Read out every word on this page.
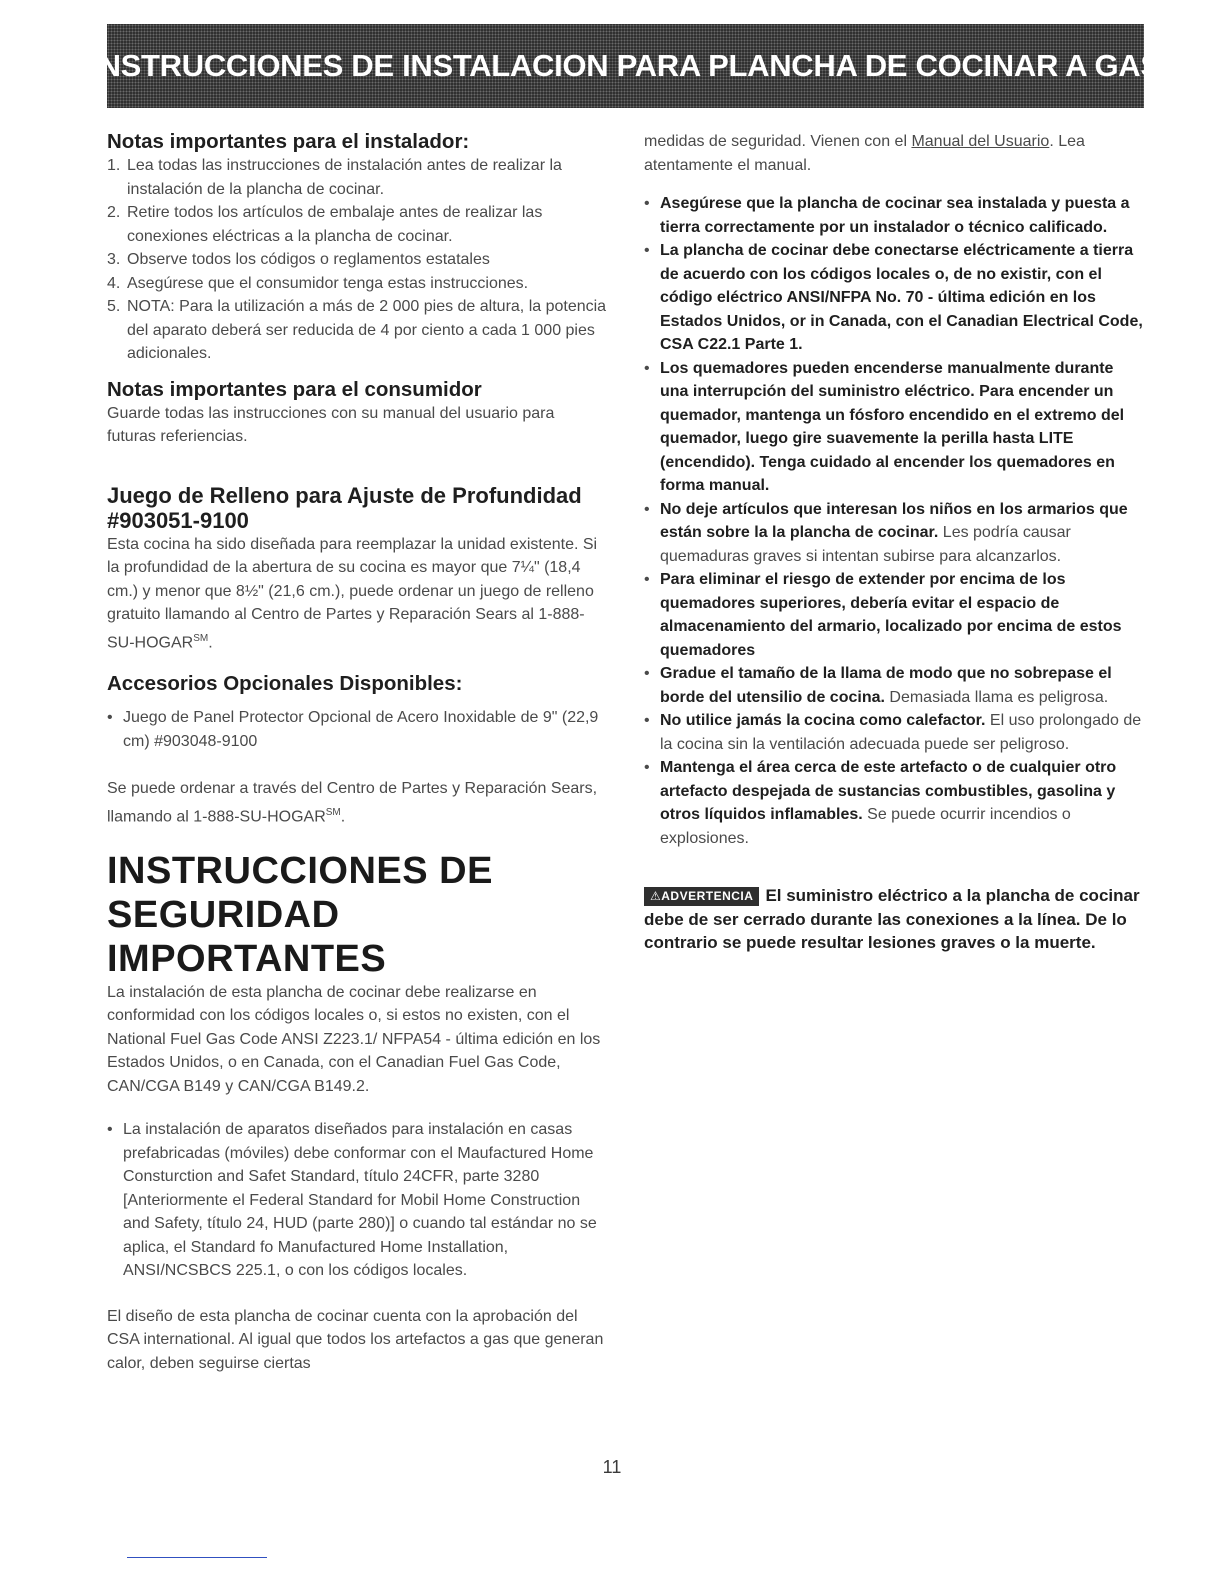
INSTRUCCIONES DE INSTALACION PARA PLANCHA DE COCINAR A GAS
Notas importantes para el instalador:
1. Lea todas las instrucciones de instalación antes de realizar la instalación de la plancha de cocinar.
2. Retire todos los artículos de embalaje antes de realizar las conexiones eléctricas a la plancha de cocinar.
3. Observe todos los códigos o reglamentos estatales
4. Asegúrese que el consumidor tenga estas instrucciones.
5. NOTA: Para la utilización a más de 2 000 pies de altura, la potencia del aparato deberá ser reducida de 4 por ciento a cada 1 000 pies adicionales.
Notas importantes para el consumidor

Guarde todas las instrucciones con su manual del usuario para futuras referiencias.

Juego de Relleno para Ajuste de Profundidad #903051-9100

Esta cocina ha sido diseñada para reemplazar la unidad existente. Si la profundidad de la abertura de su cocina es mayor que 7¼" (18,4 cm.) y menor que 8½" (21,6 cm.), puede ordenar un juego de relleno gratuito llamando al Centro de Partes y Reparación Sears al 1-888-SU-HOGAR℠.

Accesorios Opcionales Disponibles:
• Juego de Panel Protector Opcional de Acero Inoxidable de 9" (22,9 cm) #903048-9100

Se puede ordenar a través del Centro de Partes y Reparación Sears, llamando al 1-888-SU-HOGAR℠.

INSTRUCCIONES DE
SEGURIDAD IMPORTANTES

La instalación de esta plancha de cocinar debe realizarse en conformidad con los códigos locales o, si estos no existen, con el National Fuel Gas Code ANSI Z223.1/ NFPA54 - última edición en los Estados Unidos, o en Canada, con el Canadian Fuel Gas Code, CAN/CGA B149 y CAN/CGA B149.2.

• La instalación de aparatos diseñados para instalación en casas prefabricadas (móviles) debe conformar con el Maufactured Home Consturction and Safet Standard, título 24CFR, parte 3280 [Anteriormente el Federal Standard for Mobil Home Construction and Safety, título 24, HUD (parte 280)] o cuando tal estándar no se aplica, el Standard fo Manufactured Home Installation, ANSI/NCSBCS 225.1, o con los códigos locales.

El diseño de esta plancha de cocinar cuenta con la aprobación del CSA international. Al igual que todos los artefactos a gas que generan calor, deben seguirse ciertas

medidas de seguridad. Vienen con el Manual del Usuario. Lea atentamente el manual.

• Asegúrese que la plancha de cocinar sea instalada y puesta a tierra correctamente por un instalador o técnico calificado.
• La plancha de cocinar debe conectarse eléctricamente a tierra de acuerdo con los códigos locales o, de no existir, con el código eléctrico ANSI/NFPA No. 70 - última edición en los Estados Unidos, or in Canada, con el Canadian Electrical Code, CSA C22.1 Parte 1.
• Los quemadores pueden encenderse manualmente durante una interrupción del suministro eléctrico. Para encender un quemador, mantenga un fósforo encendido en el extremo del quemador, luego gire suavemente la perilla hasta LITE (encendido). Tenga cuidado al encender los quemadores en forma manual.
• No deje artículos que interesan los niños en los armarios que están sobre la la plancha de cocinar. Les podría causar quemaduras graves si intentan subirse para alcanzarlos.
• Para eliminar el riesgo de extender por encima de los quemadores superiores, debería evitar el espacio de almacenamiento del armario, localizado por encima de estos quemadores
• Gradue el tamaño de la llama de modo que no sobrepase el borde del utensilio de cocina. Demasiada llama es peligrosa.
• No utilice jamás la cocina como calefactor. El uso prolongado de la cocina sin la ventilación adecuada puede ser peligroso.
• Mantenga el área cerca de este artefacto o de cualquier otro artefacto despejada de sustancias combustibles, gasolina y otros líquidos inflamables. Se puede ocurrir incendios o explosiones.

⚠ADVERTENCIA El suministro eléctrico a la plancha de cocinar debe de ser cerrado durante las conexiones a la línea. De lo contrario se puede resultar lesiones graves o la muerte.

11
